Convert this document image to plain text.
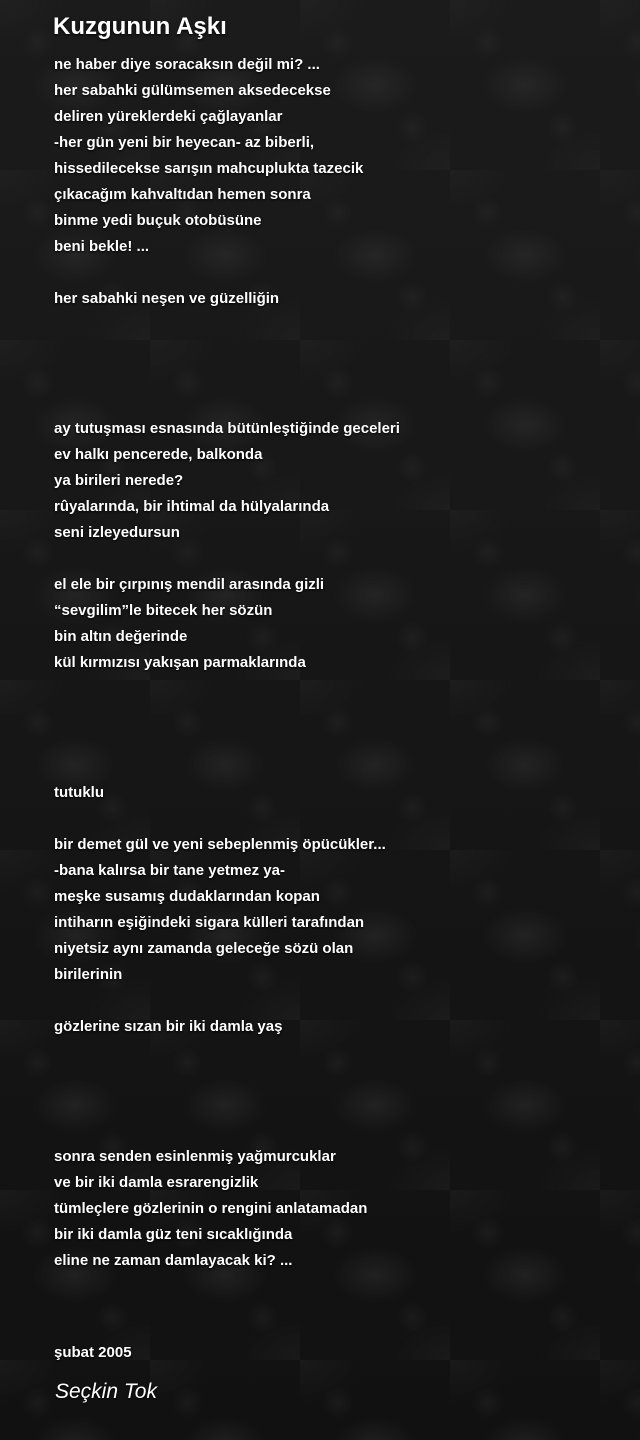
Kuzgunun Aşkı
ne haber diye soracaksın değil mi? ...
her sabahki gülümsemen aksedecekse
deliren yüreklerdeki çağlayanlar
-her gün yeni bir heyecan- az biberli,
hissedilecekse sarışın mahcuplukta tazecik
çıkacağım kahvaltıdan hemen sonra
binme yedi buçuk otobüsüne
beni bekle! ...
her sabahki neşen ve güzelliğin
ay tutuşması esnasında bütünleştiğinde geceleri
ev halkı pencerede, balkonda
ya birileri nerede?
rûyalarında, bir ihtimal da hülyalarında
seni izleyedursun
el ele bir çırpınış mendil arasında gizli
“sevgilim”le bitecek her sözün
bin altın değerinde
kül kırmızısı yakışan parmaklarında
tutuklu
bir demet gül ve yeni sebeplenmiş öpücükler...
-bana kalırsa bir tane yetmez ya-
meşke susamış dudaklarından kopan
intiharın eşiğindeki sigara külleri tarafından
niyetsiz aynı zamanda geleceğe sözü olan
birilerinin
gözlerine sızan bir iki damla yaş
sonra senden esinlenmiş yağmurcuklar
ve bir iki damla esrarengizlik
tümleçlere gözlerinin o rengini anlatamadan
bir iki damla güz teni sıcaklığında
eline ne zaman damlayacak ki? ...
şubat 2005
Seçkin Tok
